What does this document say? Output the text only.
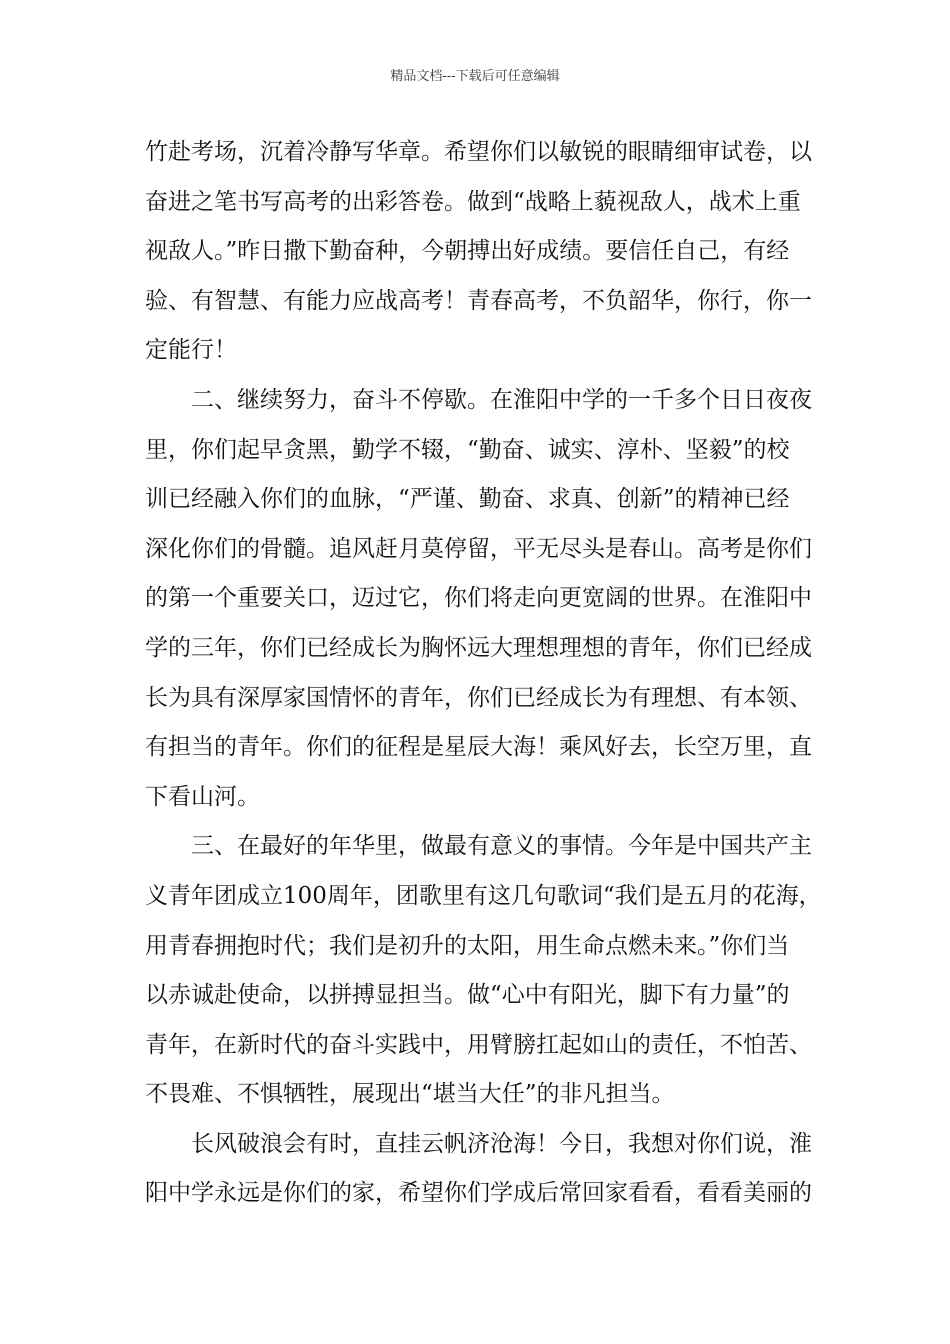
精品文档---下载后可任意编辑
竹赴考场，沉着冷静写华章。希望你们以敏锐的眼睛细审试卷，以
奋进之笔书写高考的出彩答卷。做到“战略上藐视敌人，战术上重
视敌人。”昨日撒下勤奋种，今朝搏出好成绩。要信任自己，有经
验、有智慧、有能力应战高考！青春高考，不负韶华，你行，你一
定能行！
　　二、继续努力，奋斗不停歇。在淮阳中学的一千多个日日夜夜
里，你们起早贪黑，勤学不辍，“勤奋、诚实、淳朴、坚毅”的校
训已经融入你们的血脉，“严谨、勤奋、求真、创新”的精神已经
深化你们的骨髓。追风赶月莫停留，平无尽头是春山。高考是你们
的第一个重要关口，迈过它，你们将走向更宽阔的世界。在淮阳中
学的三年，你们已经成长为胸怀远大理想理想的青年，你们已经成
长为具有深厚家国情怀的青年，你们已经成长为有理想、有本领、
有担当的青年。你们的征程是星辰大海！乘风好去，长空万里，直
下看山河。
　　三、在最好的年华里，做最有意义的事情。今年是中国共产主
义青年团成立100周年，团歌里有这几句歌词“我们是五月的花海，
用青春拥抱时代；我们是初升的太阳，用生命点燃未来。”你们当
以赤诚赴使命，以拼搏显担当。做“心中有阳光，脚下有力量”的
青年，在新时代的奋斗实践中，用臂膀扛起如山的责任，不怕苦、
不畏难、不惧牺牲，展现出“堪当大任”的非凡担当。
　　长风破浪会有时，直挂云帆济沧海！今日，我想对你们说，淮
阳中学永远是你们的家，希望你们学成后常回家看看，看看美丽的
